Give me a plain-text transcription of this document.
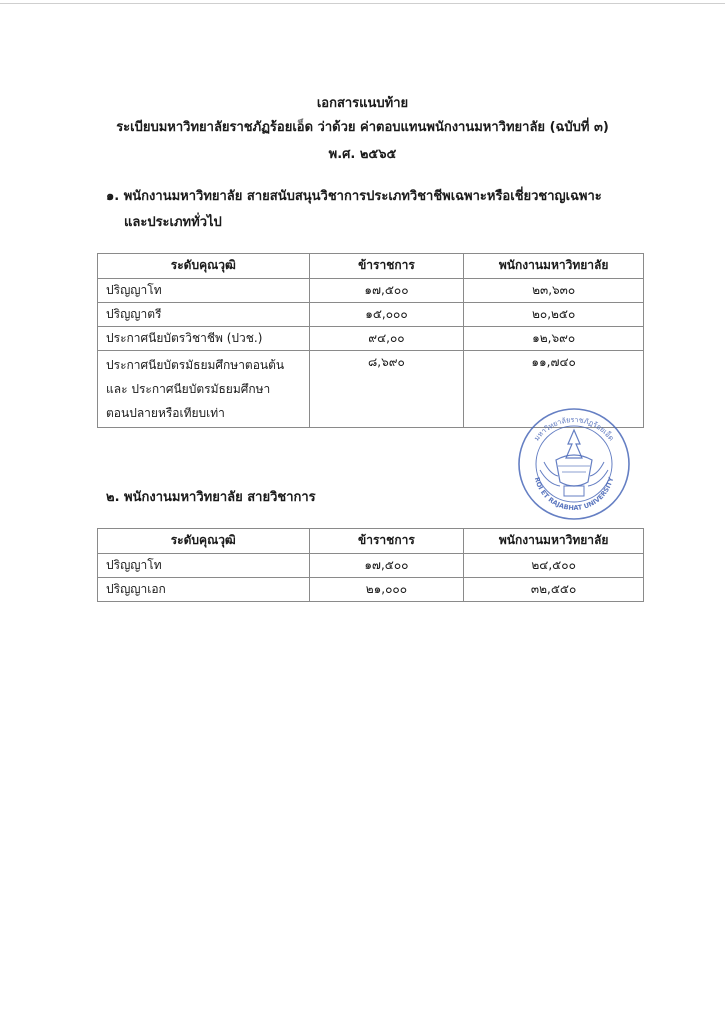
เอกสารแนบท้าย
ระเบียบมหาวิทยาลัยราชภัฏร้อยเอ็ด ว่าด้วย ค่าตอบแทนพนักงานมหาวิทยาลัย (ฉบับที่ ๓)
พ.ศ. ๒๕๖๕
๑. พนักงานมหาวิทยาลัย สายสนับสนุนวิชาการประเภทวิชาชีพเฉพาะหรือเชี่ยวชาญเฉพาะ
และประเภททั่วไป
ระดับคุณวุฒิ	ข้าราชการ	พนักงานมหาวิทยาลัย
ปริญญาโท	๑๗,๕๐๐	๒๓,๖๓๐
ปริญญาตรี	๑๕,๐๐๐	๒๐,๒๕๐
ประกาศนียบัตรวิชาชีพ (ปวช.)	๙๔,๐๐	๑๒,๖๙๐

ประกาศนียบัตรมัธยมศึกษาตอนต้น
และ ประกาศนียบัตรมัธยมศึกษา
ตอนปลายหรือเทียบเท่า	๘,๖๙๐	๑๑,๗๔๐
มหาวิทยาลัยราชภัฏร้อยเอ็ด
ROI ET RAJABHAT UNIVERSITY
๒. พนักงานมหาวิทยาลัย สายวิชาการ
ระดับคุณวุฒิ	ข้าราชการ	พนักงานมหาวิทยาลัย
ปริญญาโท	๑๗,๕๐๐	๒๔,๕๐๐
ปริญญาเอก	๒๑,๐๐๐	๓๒,๕๕๐
